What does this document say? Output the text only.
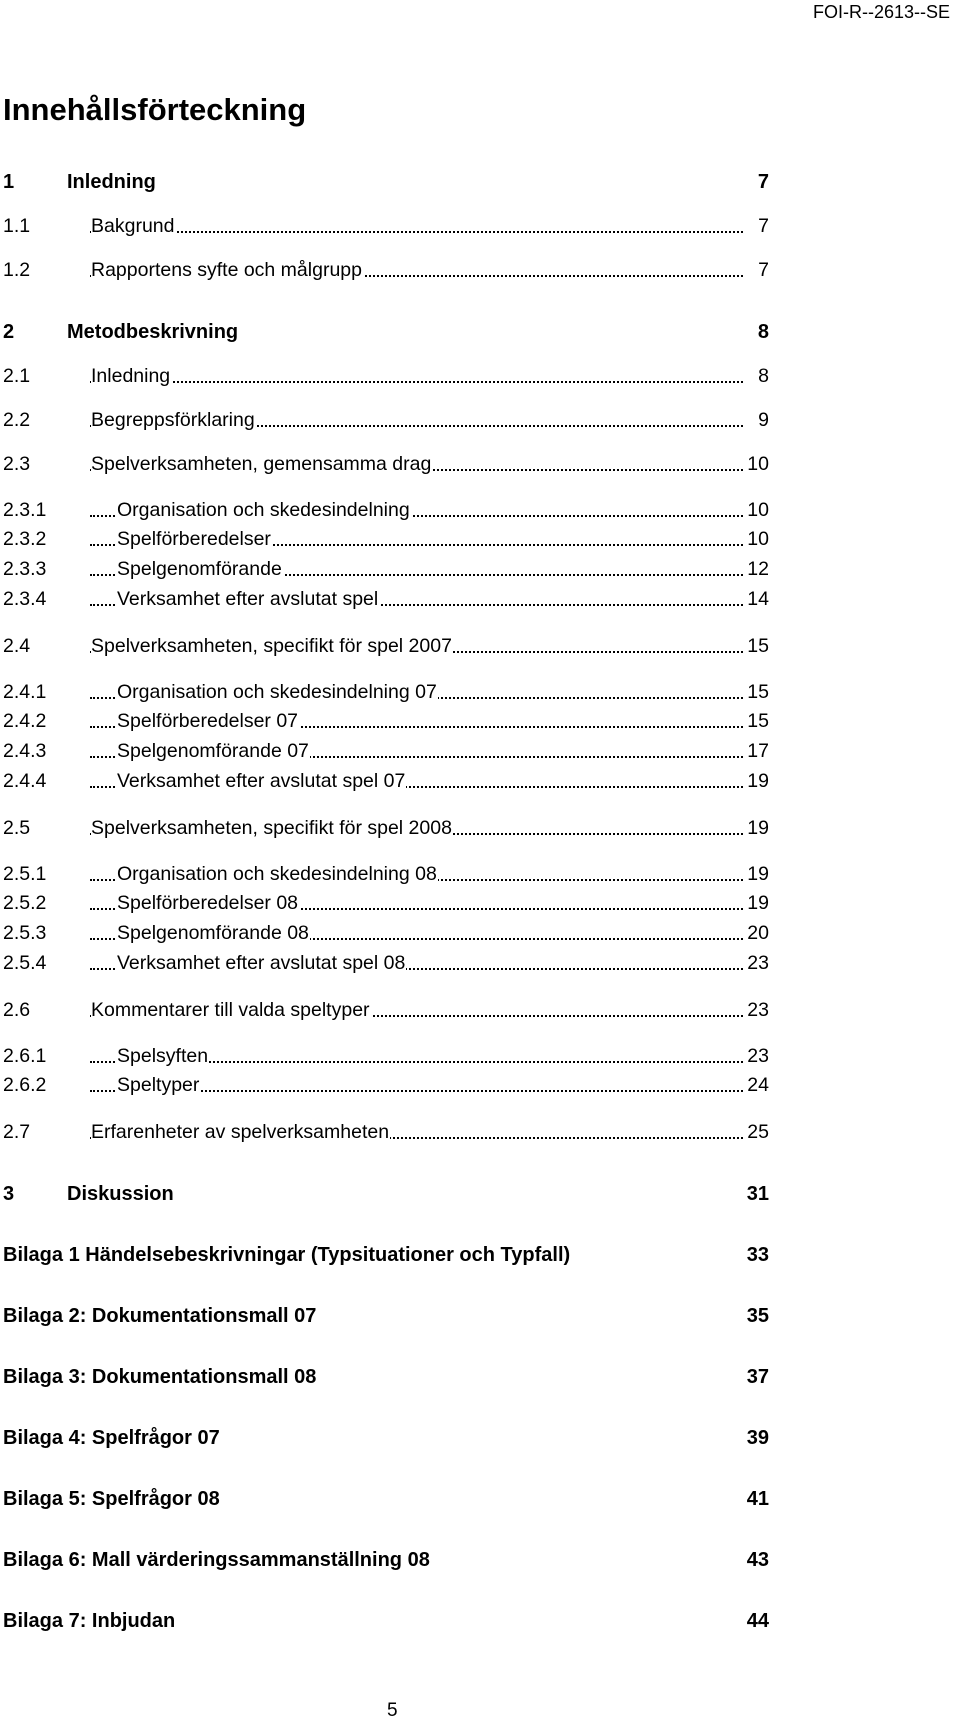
FOI-R--2613--SE
Innehållsförteckning
1	Inledning	7
1.1	Bakgrund	7
1.2	Rapportens syfte och målgrupp	7
2	Metodbeskrivning	8
2.1	Inledning	8
2.2	Begreppsförklaring	9
2.3	Spelverksamheten, gemensamma drag	10
2.3.1	Organisation och skedesindelning	10
2.3.2	Spelförberedelser	10
2.3.3	Spelgenomförande	12
2.3.4	Verksamhet efter avslutat spel	14
2.4	Spelverksamheten, specifikt för spel 2007	15
2.4.1	Organisation och skedesindelning 07	15
2.4.2	Spelförberedelser 07	15
2.4.3	Spelgenomförande 07	17
2.4.4	Verksamhet efter avslutat spel 07	19
2.5	Spelverksamheten, specifikt för spel 2008	19
2.5.1	Organisation och skedesindelning 08	19
2.5.2	Spelförberedelser 08	19
2.5.3	Spelgenomförande 08	20
2.5.4	Verksamhet efter avslutat spel 08	23
2.6	Kommentarer till valda speltyper	23
2.6.1	Spelsyften	23
2.6.2	Speltyper	24
2.7	Erfarenheter av spelverksamheten	25
3	Diskussion	31
Bilaga 1 Händelsebeskrivningar (Typsituationer och Typfall)	33
Bilaga 2: Dokumentationsmall 07	35
Bilaga 3: Dokumentationsmall 08	37
Bilaga 4: Spelfrågor 07	39
Bilaga 5: Spelfrågor 08	41
Bilaga 6: Mall värderingssammanställning 08	43
Bilaga 7: Inbjudan	44
5
